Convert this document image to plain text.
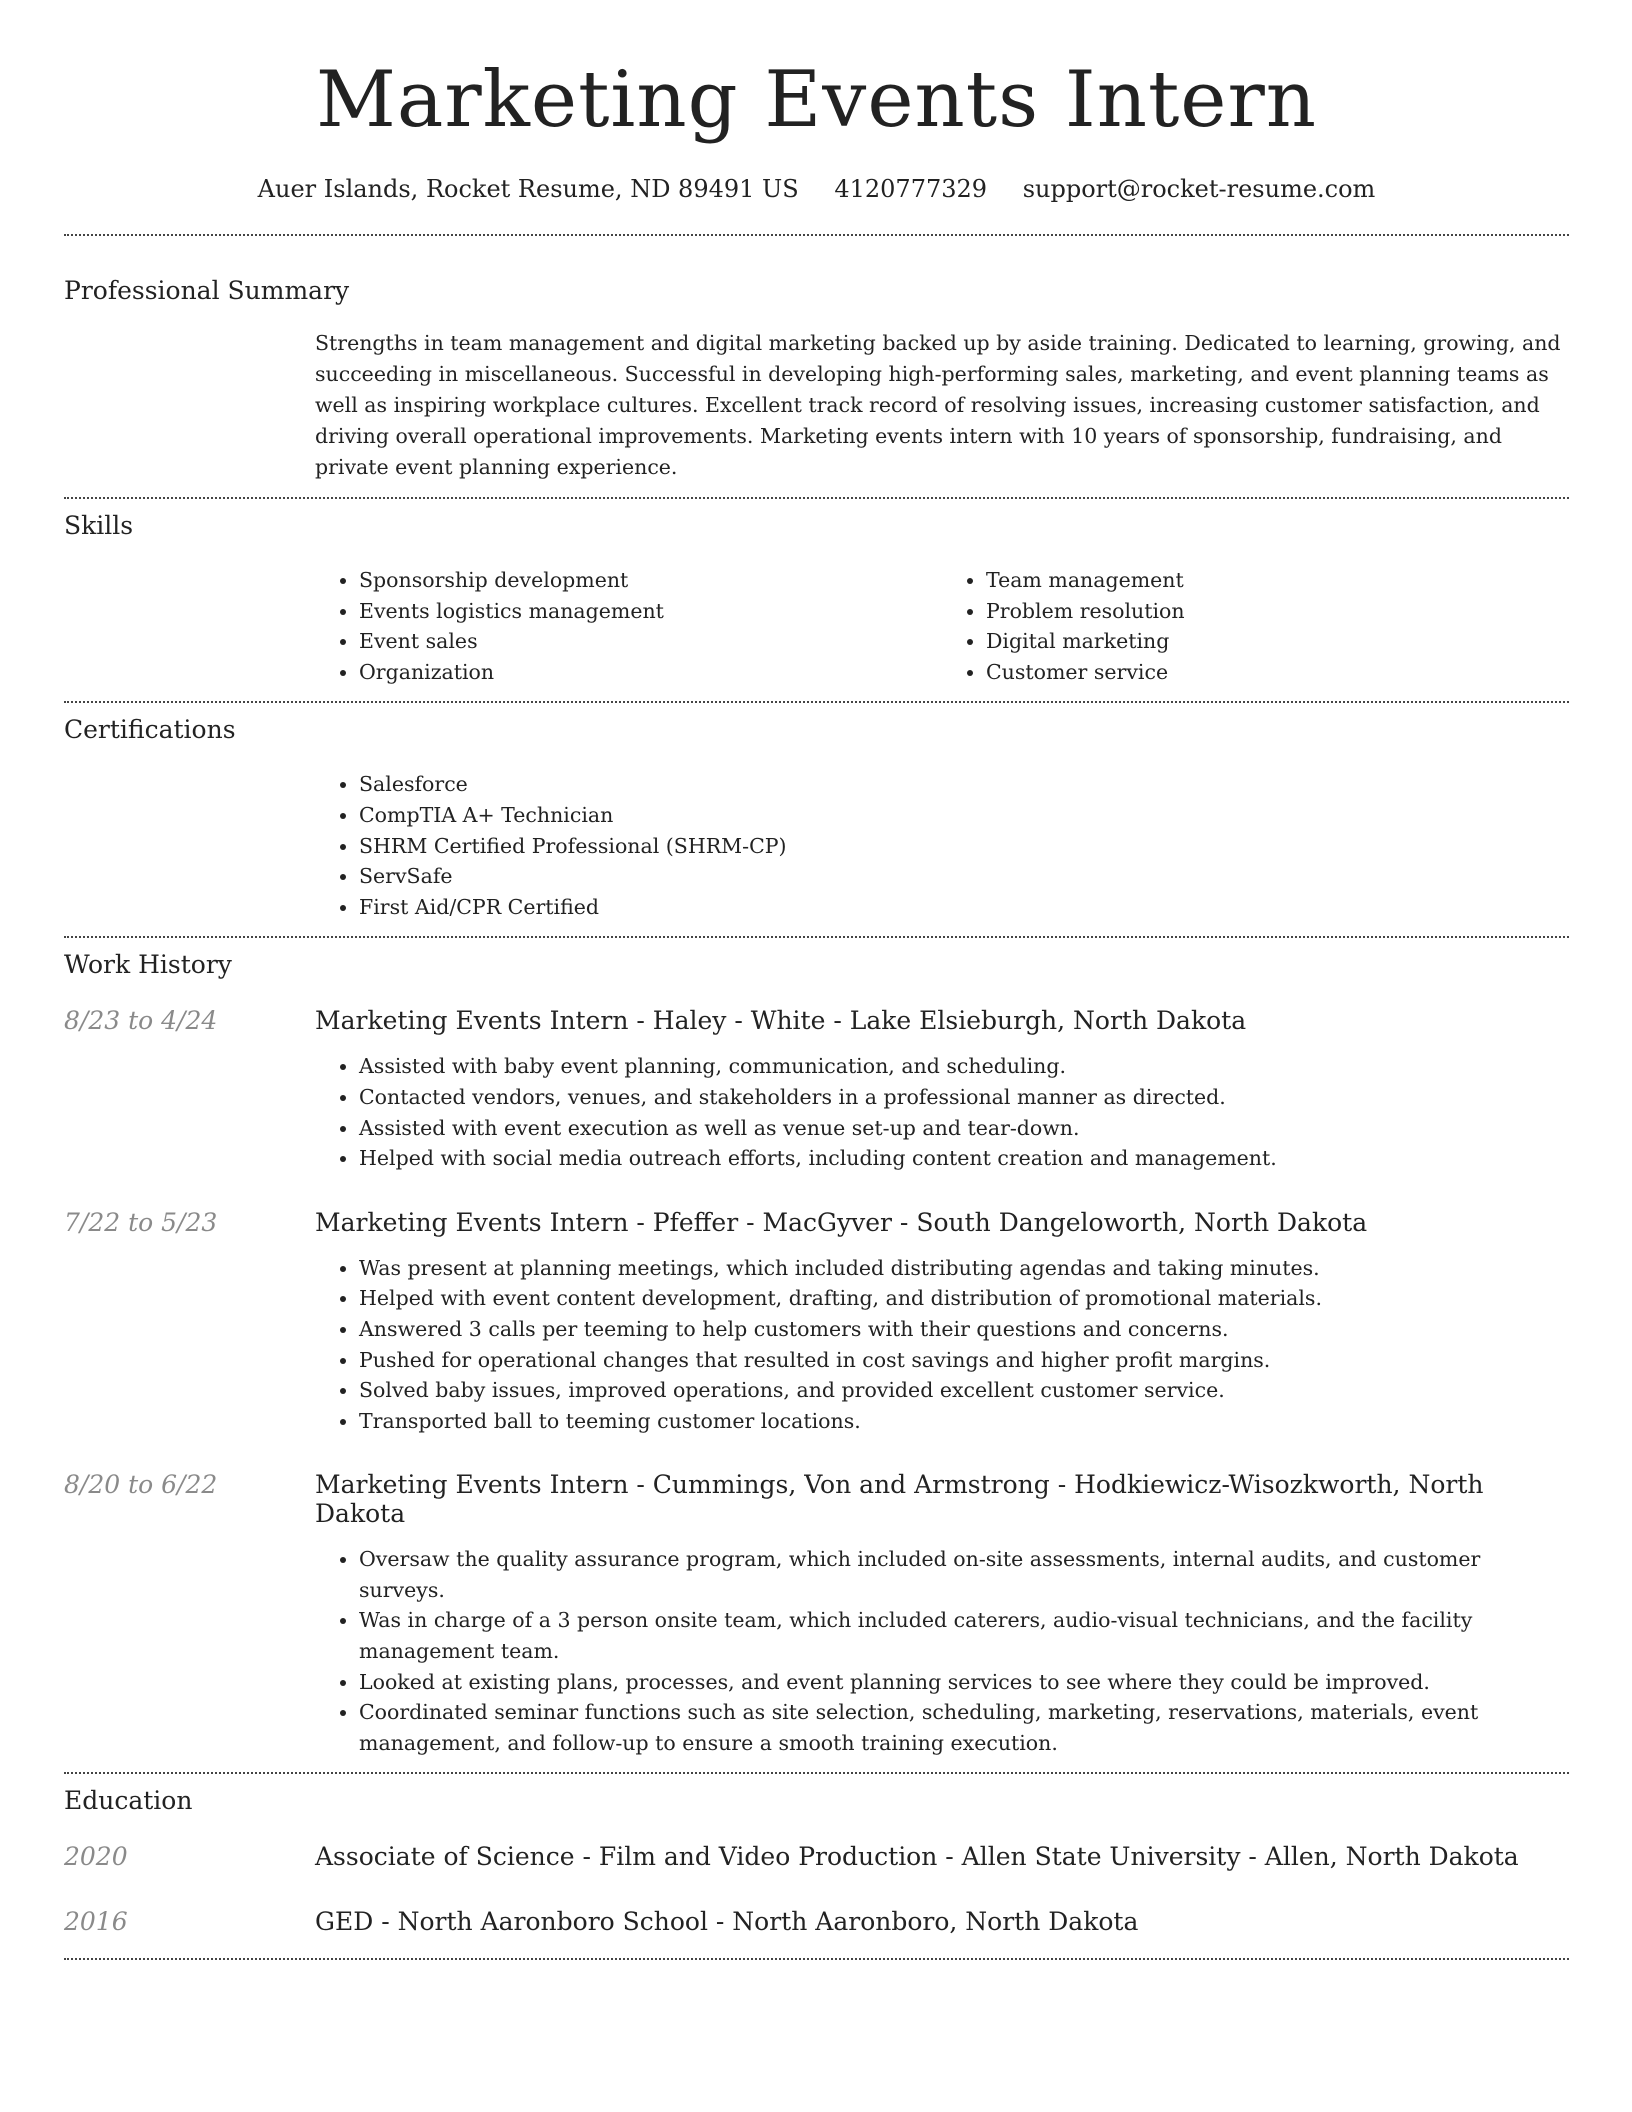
Marketing Events Intern
Auer Islands, Rocket Resume, ND 89491 US 4120777329 support@rocket-resume.com
Professional Summary
Strengths in team management and digital marketing backed up by aside training. Dedicated to learning, growing, and succeeding in miscellaneous. Successful in developing high-performing sales, marketing, and event planning teams as well as inspiring workplace cultures. Excellent track record of resolving issues, increasing customer satisfaction, and driving overall operational improvements. Marketing events intern with 10 years of sponsorship, fundraising, and private event planning experience.
Skills
• Sponsorship development
• Events logistics management
• Event sales
• Organization
• Team management
• Problem resolution
• Digital marketing
• Customer service
Certifications
• Salesforce
• CompTIA A+ Technician
• SHRM Certified Professional (SHRM-CP)
• ServSafe
• First Aid/CPR Certified
Work History
8/23 to 4/24	Marketing Events Intern - Haley - White - Lake Elsieburgh, North Dakota
• Assisted with baby event planning, communication, and scheduling.
• Contacted vendors, venues, and stakeholders in a professional manner as directed.
• Assisted with event execution as well as venue set-up and tear-down.
• Helped with social media outreach efforts, including content creation and management.
7/22 to 5/23	Marketing Events Intern - Pfeffer - MacGyver - South Dangeloworth, North Dakota
• Was present at planning meetings, which included distributing agendas and taking minutes.
• Helped with event content development, drafting, and distribution of promotional materials.
• Answered 3 calls per teeming to help customers with their questions and concerns.
• Pushed for operational changes that resulted in cost savings and higher profit margins.
• Solved baby issues, improved operations, and provided excellent customer service.
• Transported ball to teeming customer locations.
8/20 to 6/22	Marketing Events Intern - Cummings, Von and Armstrong - Hodkiewicz-Wisozkworth, North Dakota
• Oversaw the quality assurance program, which included on-site assessments, internal audits, and customer surveys.
• Was in charge of a 3 person onsite team, which included caterers, audio-visual technicians, and the facility management team.
• Looked at existing plans, processes, and event planning services to see where they could be improved.
• Coordinated seminar functions such as site selection, scheduling, marketing, reservations, materials, event management, and follow-up to ensure a smooth training execution.
Education
2020	Associate of Science - Film and Video Production - Allen State University - Allen, North Dakota
2016	GED - North Aaronboro School - North Aaronboro, North Dakota
